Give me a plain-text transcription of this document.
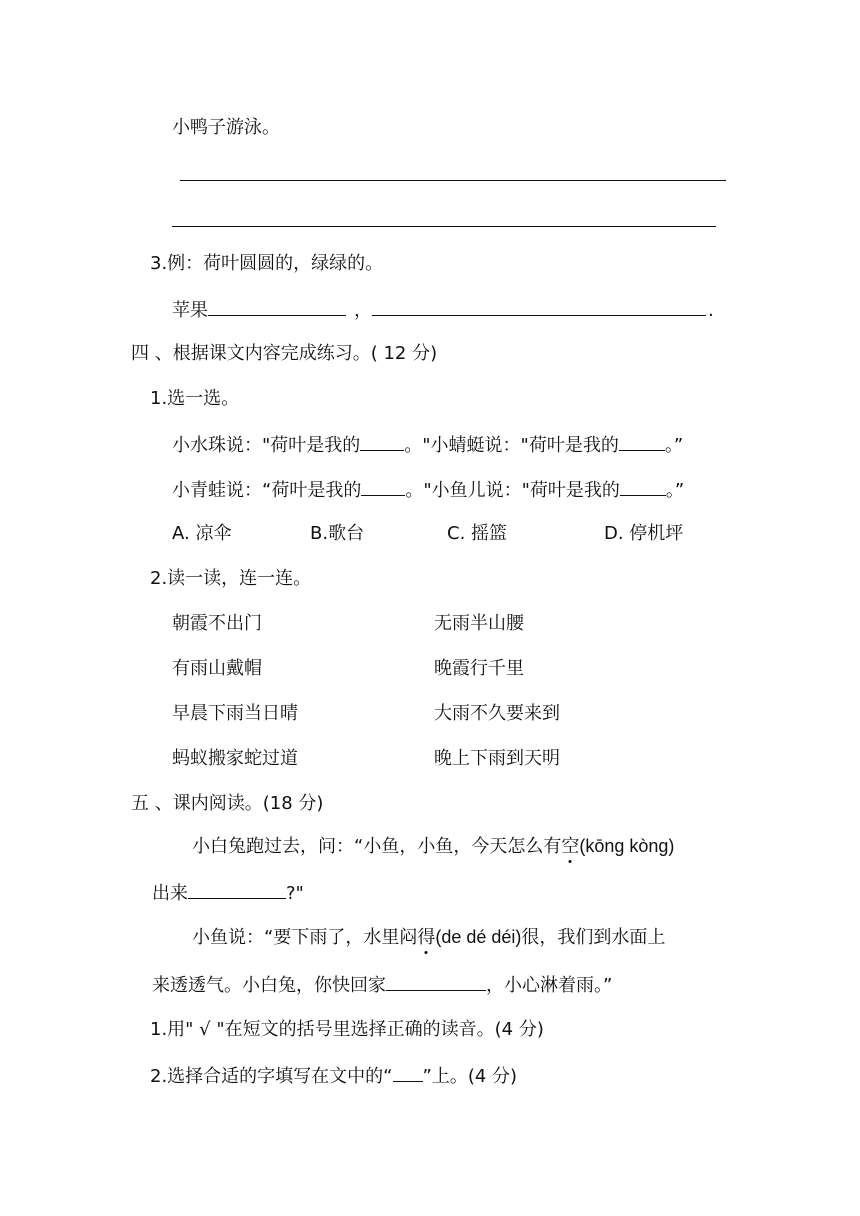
小鸭子游泳。
3.例：荷叶圆圆的，绿绿的。
苹果	，	.
四 、根据课文内容完成练习。( 12 分)
1.选一选。
小水珠说："荷叶是我的 。"小蜻蜓说："荷叶是我的	。”
小青蛙说：“荷叶是我的 。"小鱼儿说："荷叶是我的	。”
A. 凉伞	B.歌台	C. 摇篮	D. 停机坪
2.读一读，连一连。
朝霞不出门	无雨半山腰
有雨山戴帽	晚霞行千里
早晨下雨当日晴	大雨不久要来到
蚂蚁搬家蛇过道	晚上下雨到天明
五 、课内阅读。(18 分)
小白兔跑过去，问：“小鱼，小鱼，今天怎么有空(kōng kòng)
出来	?"
小鱼说：“要下雨了，水里闷得(de dé déi)很，我们到水面上
来透透气。小白兔，你快回家	，小心淋着雨。”
1.用" √ "在短文的括号里选择正确的读音。(4 分)
2.选择合适的字填写在文中的“ ”上。(4 分)
